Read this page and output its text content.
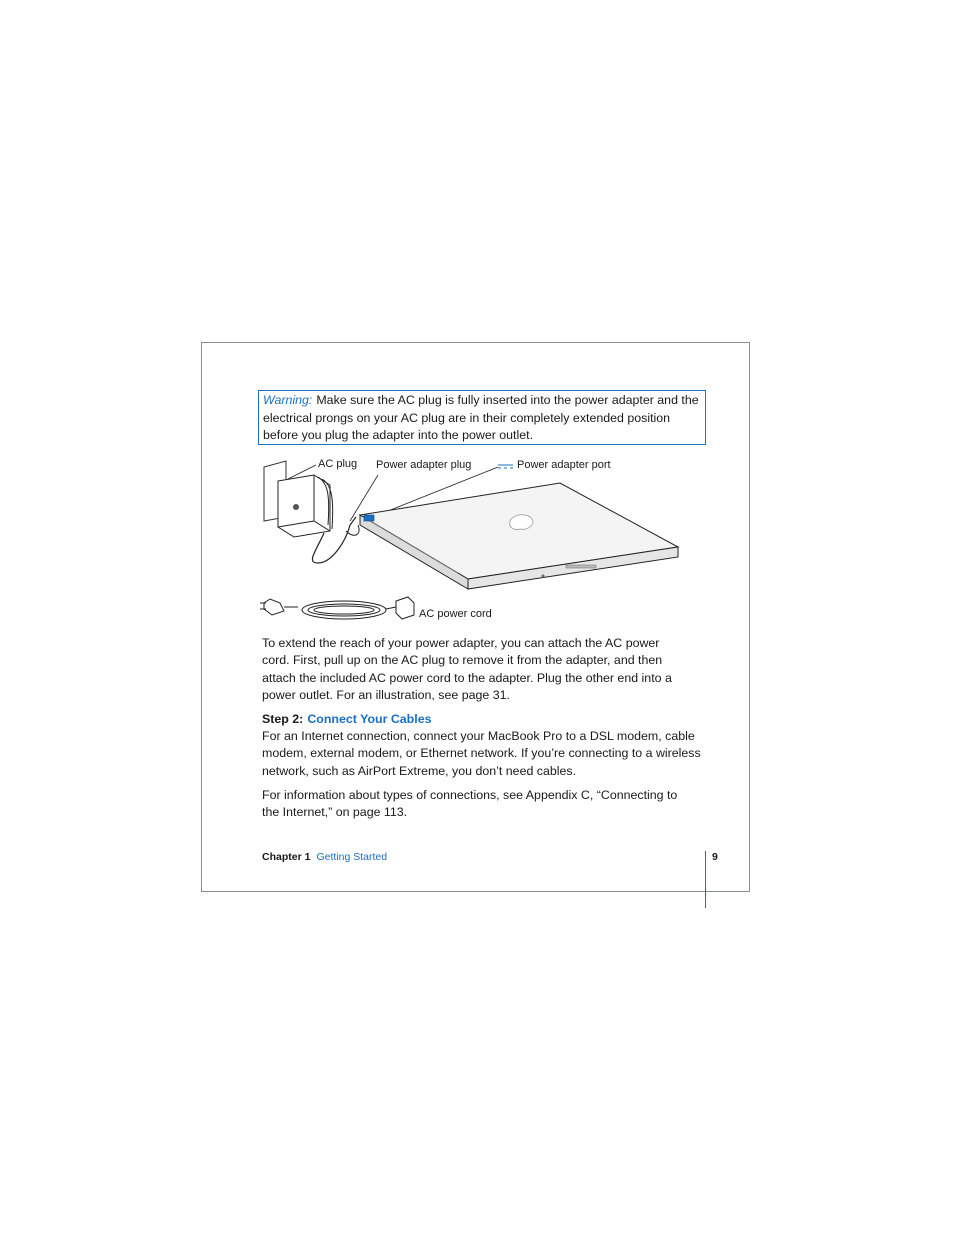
Warning: Make sure the AC plug is fully inserted into the power adapter and the electrical prongs on your AC plug are in their completely extended position before you plug the adapter into the power outlet.
AC plug Power adapter plug	Power adapter port
AC power cord

To extend the reach of your power adapter, you can attach the AC power cord. First, pull up on the AC plug to remove it from the adapter, and then attach the included AC power cord to the adapter. Plug the other end into a power outlet. For an illustration, see page 31.

Step 2: Connect Your Cables

For an Internet connection, connect your MacBook Pro to a DSL modem, cable modem, external modem, or Ethernet network. If you’re connecting to a wireless network, such as AirPort Extreme, you don’t need cables.

For information about types of connections, see Appendix C, “Connecting to the Internet,” on page 113.

Chapter 1 Getting Started	9
